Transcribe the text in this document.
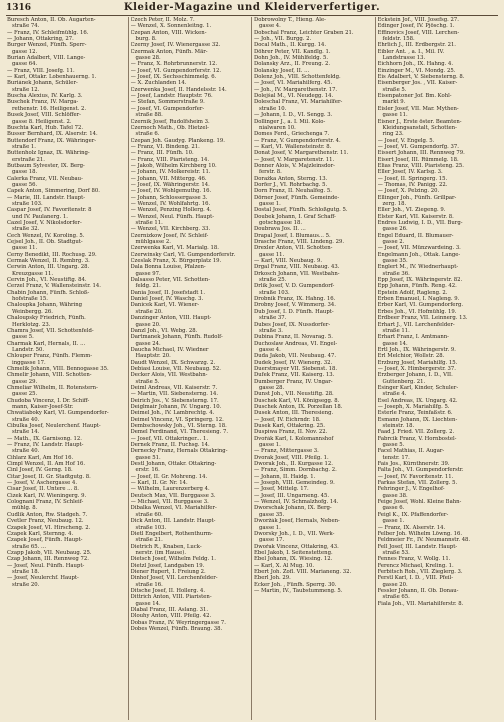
1316	Kleider-Magazine und Kleiderverfertiger.
Buresch Anton, II. Ob. Augarten-
straße 74.
— Franz, IV. Schleifmühlg. 16.
— Johann, Ottakring, 27.
Burger Wenzel, Fünfh. Sperr-
gasse 12.
Burian Adalbert, VIII. Lange-
gasse 64.
— Franz, VIII. Josefg. 11.
— Karl, Ottakr. Lobenhauerng. 1.
Buriánek Johann, Schüler-
straße 12.
Buscha Alexius, IV. Karlg. 3.
Buschek Franz, IV. Marga-
rethenstr. 16. Heiligenst. 2.
Busek Josef, VIII. Schlöffer-
gasse 8. Heiligenst. 2.
Buschta Karl, Hub. Tafel 72.
Busser Bernhard, IX. Alserstr. 14.
Buttendorf Franz, IX. Währinger-
straße 1.
Buttenholz Ignaz, IX. Währing-
erstraße 21.
Butbaum Sylvester, IX. Berg-
gasse 18.
Calerka Franz, VII. Neubau-
gasse 56.
Capek Anton, Simmering, Dorf 80.
— Marie, III. Landstr. Haupt-
straße 103.
Caspar Josef, IV. Favoritenstr. 8
und IV. Paulanerg. 1.
Cazel Josef, V. Nikolsdorfer-
straße 32.
Cech Wenzel, IV. Koroling. 5.
Cejsel Joh., II. Ob. Stadtgut-
gasse 11.
Cerny Benedikt, III. Rochusg. 29.
Cermak Wenzel, II. Rembrg. 3.
Cerwin Anton, III. Ungarg. 28.
Kreuzgasse 11.
Cervin Joh., VI. Neustiftg. 84.
Cerzel Franz, V. Wallensteinstr. 14.
Chabin Johann, Fünfh. Schloß-
hofstraße 15.
Chaloupka Johann, Währing
Weinbergg. 26.
Chaloupský Friedrich, Fünfh.
Herklotzg. 23.
Chamra Josef, VII. Schottenfeld-
gasse 5.
Charmak Karl, Hernals, II. ...
Landstr. 50.
Chlouper Franz, Fünfh. Flemm-
inggasse 17.
Chmelik Johann, VIII. Bennogasse 35.
Chmelir Johann, VIII. Schotten-
gasse 29.
Chmeliar Wilhelm, II. Rotenstern-
gasse 25.
Chudoba Vincenz, I. Dr. Schiff-
mann, Kaiser-Josef-Str.
Chwatiaboky Karl, VI. Gumpendorfer-
straße 40.
Cibulka Josef, Neulerchenf. Haupt-
straße 14.
— Math., IX. Garnisong. 12.
— Franz, IV. Landstr. Haupt-
straße 40.
Cihlarz Karl, Am Hof 16.
Cimpl Wenzel, II. Am Hof 16.
Cinl Josef, IV. Gerng. 18.
Citar Josef, II. Gr. Stadtgutg. 8.
— Josef, V. Aschergasse 4.
Cisar Josef, II. Untere ... 8.
Cizek Karl, IV. Wieningerg. 9.
Colognani Franz, IV. Schleif-
mühlg. 8.
Cudlik Anton, Rw. Stadgeh. 7.
Cvetler Franz, Neubaug. 12.
Czapek Josef, VI. Hirscheng. 2.
Czapek Karl, Sternng. 4.
Czapek Josef, Fünfh. Haupt-
straße 65. ...
Czapp Jakob, VII. Neubaug. 25.
Czap Johann, III. Rennweg 72.
— Josef, Neul. Fünfh. Haupt-
straße 18.
— Josef, Neulerchf. Haupt-
straße 20.
Czech Peter, II. Molz. 7.
— Wenzel, X. Sonnenleitng. 1.
Czepan Anton, VIII. Wicken-
burg. 8.
Czerny Josef, IV. Wienergasse 32.
Czermak Anton, Fünfh. Mär-
gasse 28.
— Franz, X. Rohrbrunnerstr. 12.
— Josef, VI. Gumpendorferstr. 12.
— Josef, IX. Sechsschimmelg. 6.
— X. Zuchlanden 14.
Czerwenka Josef, II. Handelsstr. 14.
— Josef, Landstr. Hauptstr. 76.
— Stefan, Sommerstraße 9.
— Josef, VI. Gumpendorfer-
straße 88.
Czernik Josef, Rudolfsheim 3.
Czernoch Math., Ob. Hietzel-
straße 6.
Czepan Joh. Gaudyg. Plankeng. 19.
— Franz, VI. Bindeng. 21.
— Franz, III. Fünfh. 10.
— Franz, VIII. Piaristeng. 14.
— Jakob, Wilhelm Kirchberg 10.
— Johann, IV. Molkereistr. 11.
— Johann, VII. Mittergg. 46.
— Josef, IX. Währingerstr. 14.
— Josef, IV. Wohlgemuthg. 16.
— Johann, Schlossergasse 3.
— Wenzel, IV. Wohlfahrtg. 16.
— Wenzel, Penzing Hollerg. 4.
— Wenzel, Neul. Fünfh. Haupt-
straße 11.
— Wenzel, VII. Kirchberg. 33.
Czernizkow Josef, IV. Schleif-
mühlgasse 2.
Czerwenka Karl, VI. Marialg. 18.
Czerwinsky Carl, VI. Gumpendorferstr.
Czeslak Franz, X. Bürgerplatz 19.
Dala Bonna Louise, Pfalzen-
gasse 97.
Dalsasso Peter, VII. Schotten-
feldg. 21.
Dania Josef, II. Josefstadt 1.
Daniel Josef, IV. Waschg. 3.
Danicek Karl, VI. Wiener-
straße 20.
Danzinger Anton, VIII. Haupt-
gasse 20.
Danzl Joh., VI. Webg. 28.
Dartmanek Johann, Fünfh. Rudolf-
gasse 24.
Daucha Michael, IV. Wiedner
Hauptstr. 20.
Daudt Wenzel, IX. Schwarzg. 2.
Debiasi Louise, VII. Neubaug. 52.
Decker Alois, VII. Westbahn-
straße 5.
Deiml Andreas, VII. Kaiserstr. 7.
— Martin, VII. Siebensterng. 14.
Deirich Jos., V. Siebensterng. 17.
Deiglmair Johann, IV. Ungarg. 10.
Deimel Joh., IV. Lambrechtg. 4.
Deimel Vincenz, VI. Springerg. 12.
Dembschowsky Joh., VI. Sterng. 18.
Demel Ferdinand, VI. Theresieng. 7.
— Josef, VII. Ottakringer... 1.
Dernek Franz, II. Fuchsg. 14.
Dernecky Franz, Hernals Ottakring-
gasse 51.
Destl Johann, Ottakr. Ottakring-
erstr. 16.
— Josef, II. Gr. Mohreng. 14.
— Karl, II. Gr. Nr. 14.
— Wilhelm, Laurenzerberg 4.
Deutsch Max, VII. Burggasse 3.
— Michael, VII. Burggasse 3.
Dibalka Wenzel, VI. Mariahilfer-
straße 60.
Dick Anton, III. Landstr. Haupt-
straße 103.
Dietl Engelbert, Rothenthurm-
straße 21.
Dietrich R., Knaben, Luck-
nerstr. (im Hause).
Dietsch Josef, Wilhelm Feldg. 1.
Dietzl Josef, Landgaben 19.
Diener Rupert, I. Freiung 2.
Dinhof Josef, VII. Lerchenfelder-
straße 16.
Ditsche Josef, II. Hollerg. 4.
Dittrich Anton, VIII. Piaristen-
gasse 14.
Dlabal Franz, III. Aslang. 31.
Dlouhy Anton, VIII. Pfeilg. 42.
Dobas Franz, IV. Weyringergasse 7.
Dobes Wenzel, Fünfh. Braung. 38.
Dobrowolny T., Hieng. Ale-
gasse 4.
Dobschal Franz, Leichter Graben 21.
— Joh., VII. Burgg. 2.
Docal Math., II. Kurgg. 14.
Döhrer Peter, VII. Kandlg. 1.
Dohn Joh., IV. Mühlfeldg. 5.
Dolanský Arz., II. Freung. 2.
Dolansky Josef, II. ...
Dolenz Joh., VIII. Schottenfeldg.
— Josef, VI. Mariahilferg. 45.
— Joh., IV. Margarethenstr. 17.
Dolejšal M., VI. Neudegg. 14.
Doleschal Franz, VI. Mariahilfer-
straße 10.
— Johann, I. D., VI. Sengg. 3.
Dollinger J., a. I. Mil. Kolo-
nialwaren 10.
Domes Ferd., Griechenga 7.
— Franz, V. Gumpendorferstr. 4.
— Karl, VI. Wallensteinstr. 8.
Donat Josef, V. Margarethenstr. 11.
— Josef, V. Margaretenstr. 11.
Donner Alois, V. Majzleinsdor-
ferstr. 8.
Doražka Anton, Sterng. 13.
Dorfer J., VI. Rohrbachg. 5.
Dorn Franz, II. Neuhalfeg. 5.
Dörner Josef, Fünfh. Gemeinde-
gasse 1.
Dostal Josef, Fünfh. Schloßgutg. 5.
Doubek Johann, I. Graf Schaff-
gotschgasse 18.
Doubrava Jos. II. ...
Drapal Josef, I. Blumaus... 5.
Drasche Franz, VIII. Lindeng. 29.
Drexler Anton, VII. Schotten-
gasse 11.
— Karl, VIII. Neubaug. 9.
Drgal Franz, VIII. Neubaug. 43.
Drkosch Johann, VII. Westbahn-
straße 25.
Drlik Josef, V. D. Gumpendorf-
straße 103.
Drobnik Franz, IX. Hahng. 16.
Drobny Josef, V. Wimmerg. 34.
Dub Josef, I. D. Fünfh. Haupt-
straße 37.
Dubes Josef, IX. Nussdorfer-
straße 3.
Dubina Franz, II. Novarag. 5.
Duchoslaw Andreas, VI. Engel-
gasse 4.
Duda Jakob, VII. Neubaug. 47.
Dudek Josef, IV. Wienerg. 32.
Duerstmayer VII. Siebenst. 18.
Dufek Franz, VII. Kaiserg. 13.
Dumberger Franz, IV. Ungar-
gasse 28.
Dunst Joh., VII. Neustiftg. 28.
Duschek Karl, VI. Königsegg. 8.
Duschek Anton, IX. Porzellan 18.
Dusek Anton, III. Theresieng.
— Josef, IV. Eichrndr. 18.
Dusek Karl, Ottakring. 25.
Duspiwa Franz, II. Nov. 22.
Dvořák Karl, I. Kolomannshof
gasse 1.
— Franz, Mittergasse 3.
Dvorak Josef, VIII. Pfeilg. 1.
Dworak Joh., II. Kurgasse 12.
— Franz, Simm. Dornbachg. 2.
— Johann, II. Haidg. 1.
— Joseph, VIII. Gemeindeg. 9.
— Josef, Mittelg. 17.
— Josef, III. Ungarneng. 45.
— Wenzel, IV. Schmalzhofg. 14.
Dworschak Johann, IX. Berg-
gasse 35.
Dworžák Josef, Hernals, Neben-
gasse 1.
Dworsky Joh., I. D., VII. Werk-
gasse 17.
Dwořak Vincenz, Ottakring, 43.
Ebel Jakob, I. Seitenstetteng.
Ebel Johann, IX. Wiesing. 12.
— Karl, X. Al Mug. 10.
Ebert Joh. Zofl. VIII. Marianeng. 32.
Eberl Joh. 29.
Ecker Joh. , Fünfh. Sperrg. 30.
— Martin, IV., Taubstummeng. 5.
Eckstein Jof., VIII. Josefsg. 27.
Edinger Josef, IV. Pjöschg. 1.
Effinovics Josef, VIII. Lerchen-
feldstr. 158.
Ehrlich J., III. Erdbergstr. 21.
Eibler Ant. , a. I., Mil. IV.
Landstrasse 13.
Eichhorn Joh., IX. Hahng. 4.
Einzinger M., VI. Mondg. 25.
Eis Adalbert, V. Siebensterng. 8.
Eisenberger Jos. , VII. Kaiser-
straße 5.
Eisenpatoner Jof. Bm. Kohl-
markt 9.
Eisler Josef, VII. Mar. Mythen-
gasse 11.
Eisner J., Erste öster. Beamten-
Kleidungsanstalt, Schotten-
ring 23.
— Josef, V. Engelg. 5.
— Josef, VI. Gumpendorfg. 37.
Eissert Johann, III. Rennweg 79.
Eisert Josef, III. Rümmelg. 18.
Elias Franz, VIII. Piaristeng. 25.
Eller Josef, IV. Karlsg. 3.
— Josef, II. Springerg. 15.
— Thomas, IV. Panigg. 22.
— Josef, X. Pelzing. 20.
Ellinger Joh., Fünfh. Grillpar-
zerg. 18.
Eller Joh., VI. Ziegeng. 9.
Elster Karl, VII. Kaiserstr. 8.
Endres Ludwig, I. D., VII. Burg-
gasse 26.
Engel Eduard, II. Blumauer-
gasse 2.
— Josef, VII. Münzwardeing. 3.
Engelmann Joh., Ottak. Lange-
gasse 35.
Englert M., IV. Wiednerhaupt-
straße 36.
Epp Josef, IX. Währingerstr. 82.
Epp Johann, Fünfh. Reng. 42.
Epstein Adolf, Ragleng. 2.
Erben Emanuel, I. Nagleng. 9.
Erber Karl, VI. Gumpendorferg.
Erbes Joh., VI. Hofmühlg. 19.
Erdbeer Franz, VII. Leinnerg. 13.
Erhart J., VII. Lerchenfelder-
straße 11.
Erhart Franz, I. Amtmann-
gasse 14.
Ertl Joh., IX. Währingerstr. 9.
Erl Melchior, Wollstr. 28.
Erzburg Josef, Mariahilfg. 15.
— Josef, X. Himbergerstr. 37.
Erzberger Johann, I. D., VII.
Guttenberg. 21.
Esinger Karl, Kinder, Schuler-
straße 4.
Esel Andreas, IX. Ungarg. 42.
— Joseph, X. Mariahilfg. 5.
Esterle Franz, Teinfaßstr. 6.
Esmann Johann, IX. Liechten-
steinstr. 18.
Faad J. Fried. VII. Zollerg. 2.
Fabrcik Franz, V. Hornbostel-
gasse 5.
Facel Mathias, II. Augar-
tenstr. 17.
Fais Jos., Kürnthnerstr. 39.
Falta Joh., VI. Gumpendorferstr.
— Josef, IV. Favoritenstr. 11.
Farkas Stefan, VII. Zollerg. 5.
Fehringer J., V. Engelhof-
gasse 38.
Feige Josef, Wohl. Kleine Bahn-
gasse 6.
Feigl K., IX. Pfaffendorfer-
gasse 1.
— Franz, IX. Alserstr. 14.
Felber Joh. Wilhelm Löwng. 16.
Feldmeier Fr., IV. Neumannstr. 48.
Fell Josef, III. Landstr. Haupt-
straße 53.
Fennes Franz, V. Wollg. 11.
Ferencz Michael, Kreling. 1.
Ferbitsch Rob., VII. Zieglerg. 3.
Ferstl Karl, I. D. , VIII. Pfeil-
gasse 20.
Fessler Johann, II. Ob. Donau-
straße 65.
Fiala Joh., VII. Mariahilferstr. 8.
